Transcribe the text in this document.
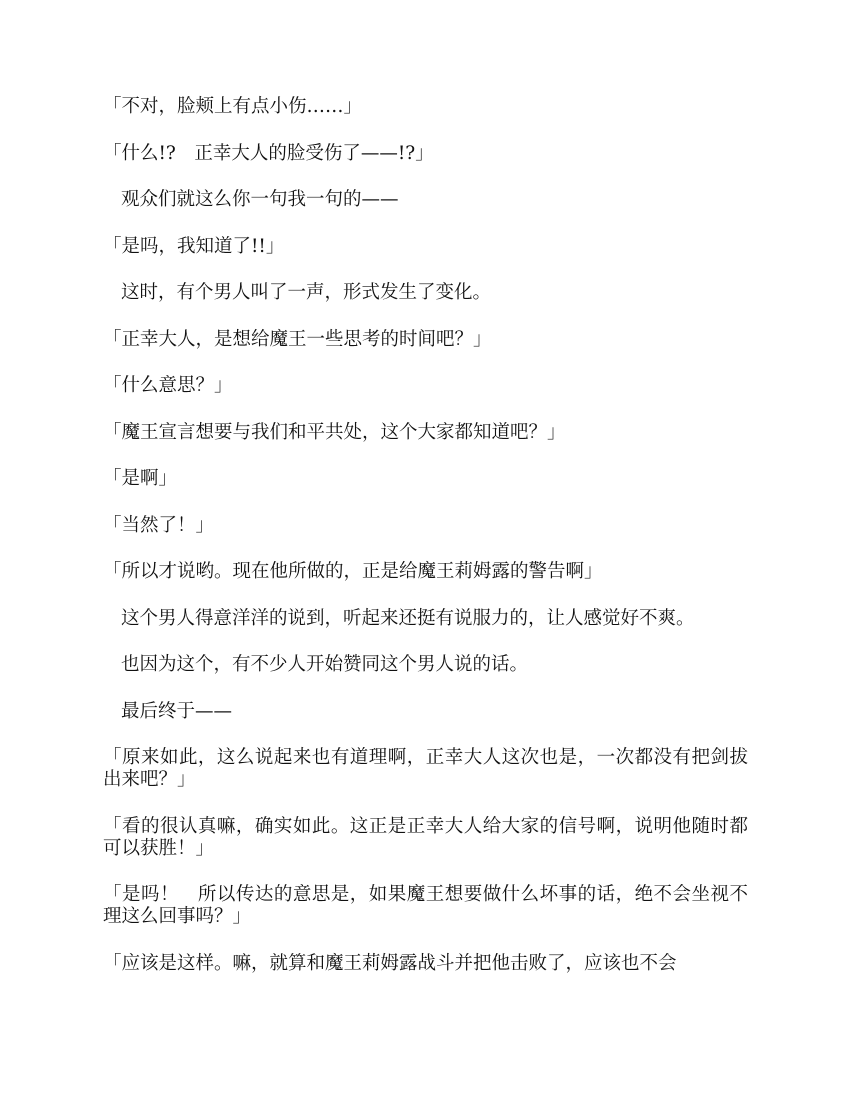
「不对，脸颊上有点小伤……」

「什么!?　正幸大人的脸受伤了——!?」

观众们就这么你一句我一句的——

「是吗，我知道了!!」

这时，有个男人叫了一声，形式发生了变化。

「正幸大人，是想给魔王一些思考的时间吧？」

「什么意思？」

「魔王宣言想要与我们和平共处，这个大家都知道吧？」

「是啊」

「当然了！」

「所以才说哟。现在他所做的，正是给魔王莉姆露的警告啊」

这个男人得意洋洋的说到，听起来还挺有说服力的，让人感觉好不爽。

也因为这个，有不少人开始赞同这个男人说的话。

最后终于——

「原来如此，这么说起来也有道理啊，正幸大人这次也是，一次都没有把剑拔出来吧？」

「看的很认真嘛，确实如此。这正是正幸大人给大家的信号啊，说明他随时都可以获胜！」

「是吗！　所以传达的意思是，如果魔王想要做什么坏事的话，绝不会坐视不理这么回事吗？」

「应该是这样。嘛，就算和魔王莉姆露战斗并把他击败了，应该也不会
